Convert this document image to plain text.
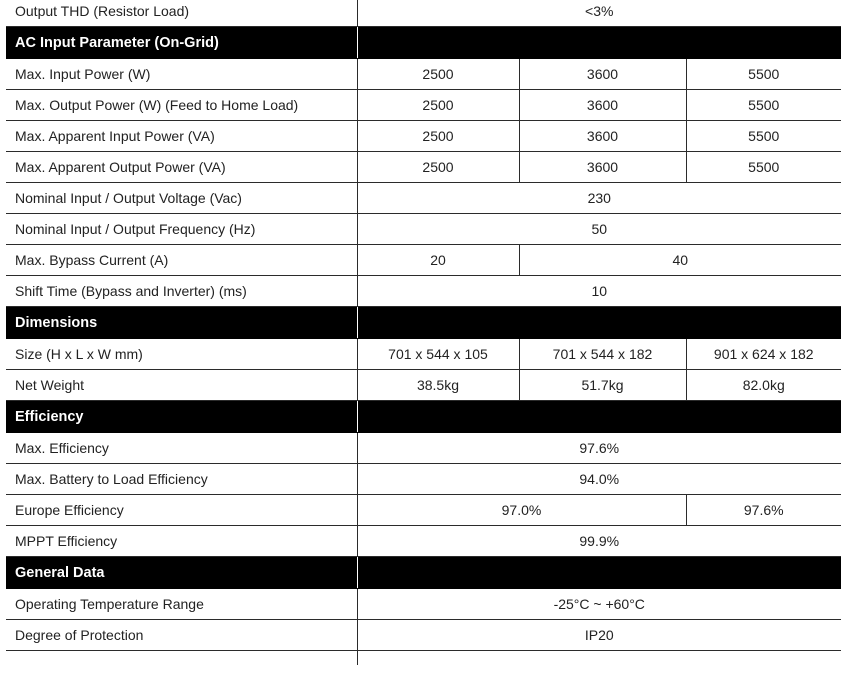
Output THD (Resistor Load)	<3%		
AC Input Parameter (On-Grid)			
Max. Input Power (W)	2500	3600	5500
Max. Output Power (W) (Feed to Home Load)	2500	3600	5500
Max. Apparent Input Power (VA)	2500	3600	5500
Max. Apparent Output Power (VA)	2500	3600	5500
Nominal Input / Output Voltage (Vac)	230		
Nominal Input / Output Frequency (Hz)	50		
Max. Bypass Current (A)	20	40	
Shift Time (Bypass and Inverter) (ms)	10		
Dimensions			
Size (H x L x W mm)	701 x 544 x 105	701 x 544 x 182	901 x 624 x 182
Net Weight	38.5kg	51.7kg	82.0kg
Efficiency			
Max. Efficiency	97.6%		
Max. Battery to Load Efficiency	94.0%		
Europe Efficiency	97.0%		97.6%
MPPT Efficiency	99.9%		
General Data			
Operating Temperature Range	-25°C ~ +60°C		
Degree of Protection	IP20		
